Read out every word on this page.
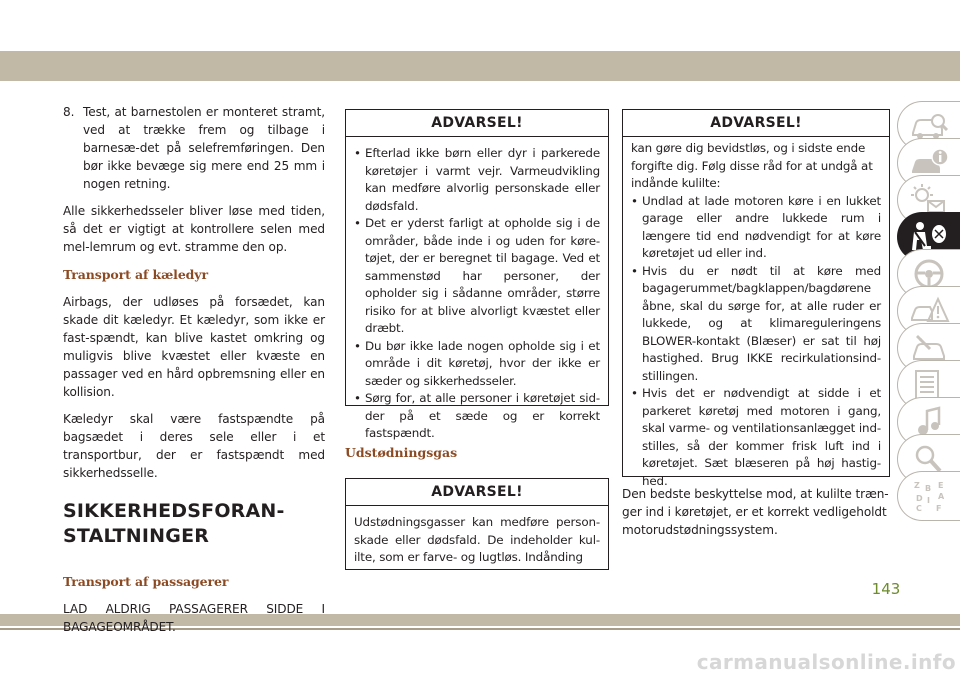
8. Test, at barnestolen er monteret stramt, ved at trække frem og tilbage i barnesæ-det på selefremføringen. Den bør ikke bevæge sig mere end 25 mm i nogen retning.

Alle sikkerhedsseler bliver løse med tiden, så det er vigtigt at kontrollere selen med mel-lemrum og evt. stramme den op.

Transport af kæledyr

Airbags, der udløses på forsædet, kan skade dit kæledyr. Et kæledyr, som ikke er fast-spændt, kan blive kastet omkring og muligvis blive kvæstet eller kvæste en passager ved en hård opbremsning eller en kollision.

Kæledyr skal være fastspændte på bagsædet i deres sele eller i et transportbur, der er fastspændt med sikkerhedsselle.

SIKKERHEDSFORAN-
STALTNINGER
Transport af passagerer

LAD ALDRIG PASSAGERER SIDDE I BAGAGEOMRÅDET.

ADVARSEL!
• Efterlad ikke børn eller dyr i parkerede køretøjer i varmt vejr. Varmeudvikling kan medføre alvorlig personskade eller dødsfald.
• Det er yderst farligt at opholde sig i de områder, både inde i og uden for køre-tøjet, der er beregnet til bagage. Ved et sammenstød har personer, der opholder sig i sådanne områder, større risiko for at blive alvorligt kvæstet eller dræbt.
• Du bør ikke lade nogen opholde sig i et område i dit køretøj, hvor der ikke er sæder og sikkerhedsseler.
• Sørg for, at alle personer i køretøjet sid-der på et sæde og er korrekt fastspændt.
Udstødningsgas
ADVARSEL!

Udstødningsgasser kan medføre person-skade eller dødsfald. De indeholder kul-ilte, som er farve- og lugtløs. Indånding

ADVARSEL!

kan gøre dig bevidstløs, og i sidste ende forgifte dig. Følg disse råd for at undgå at indånde kulilte:

• Undlad at lade motoren køre i en lukket garage eller andre lukkede rum i længere tid end nødvendigt for at køre køretøjet ud eller ind.
• Hvis du er nødt til at køre med bagagerummet/bagklappen/bagdørene åbne, skal du sørge for, at alle ruder er lukkede, og at klimareguleringens BLOWER-kontakt (Blæser) er sat til høj hastighed. Brug IKKE recirkulationsind-stillingen.
• Hvis det er nødvendigt at sidde i et parkeret køretøj med motoren i gang, skal varme- og ventilationsanlægget ind-stilles, så der kommer frisk luft ind i køretøjet. Sæt blæseren på høj hastig-hed.

Den bedste beskyttelse mod, at kulilte træn-ger ind i køretøjet, er et korrekt vedligeholdt motorudstødningssystem.

Z B E
A
D I
C F
143
carmanualsonline.info
